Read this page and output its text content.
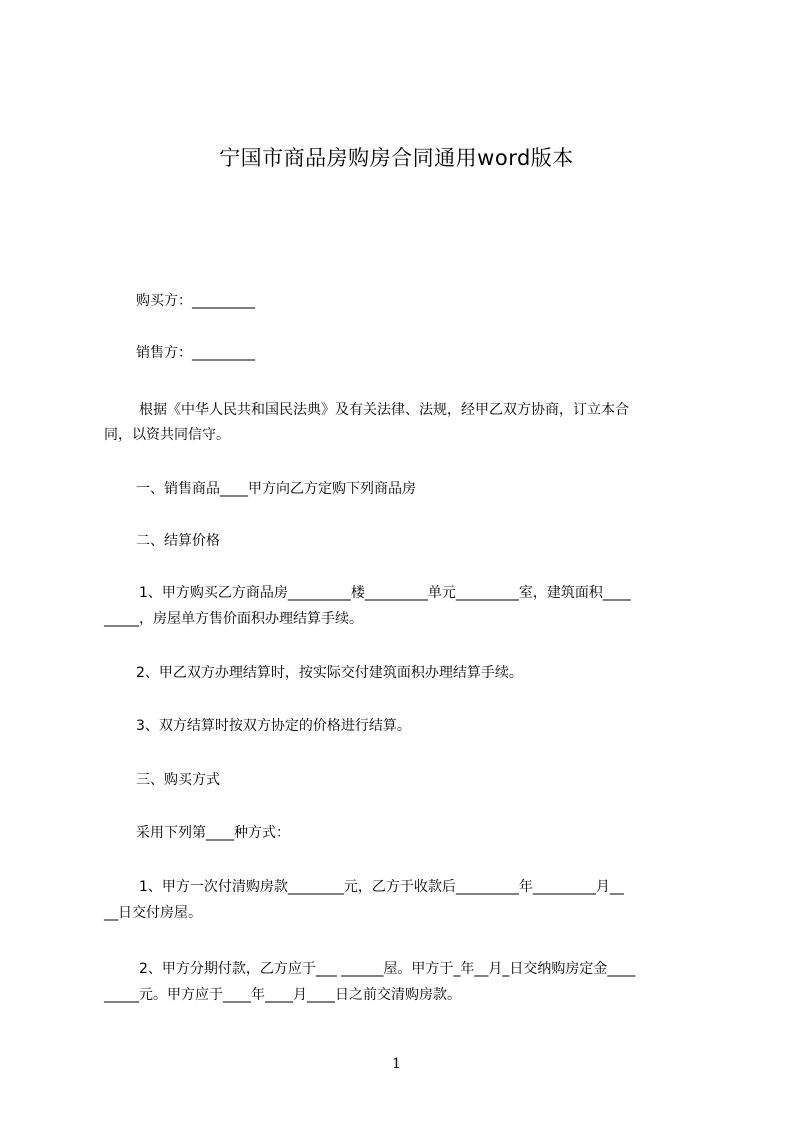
宁国市商品房购房合同通用word版本
购买方：_________
销售方：_________
根据《中华人民共和国民法典》及有关法律、法规，经甲乙双方协商，订立本合
同，以资共同信守。
一、销售商品____甲方向乙方定购下列商品房
二、结算价格
1、甲方购买乙方商品房_________楼_________单元_________室，建筑面积____
_____，房屋单方售价面积办理结算手续。
2、甲乙双方办理结算时，按实际交付建筑面积办理结算手续。
3、双方结算时按双方协定的价格进行结算。
三、购买方式
采用下列第____种方式：
1、甲方一次付清购房款________元，乙方于收款后_________年_________月__
__日交付房屋。
2、甲方分期付款，乙方应于___ ______屋。甲方于_年__月_日交纳购房定金____
_____元。甲方应于____年____月____日之前交清购房款。
1
